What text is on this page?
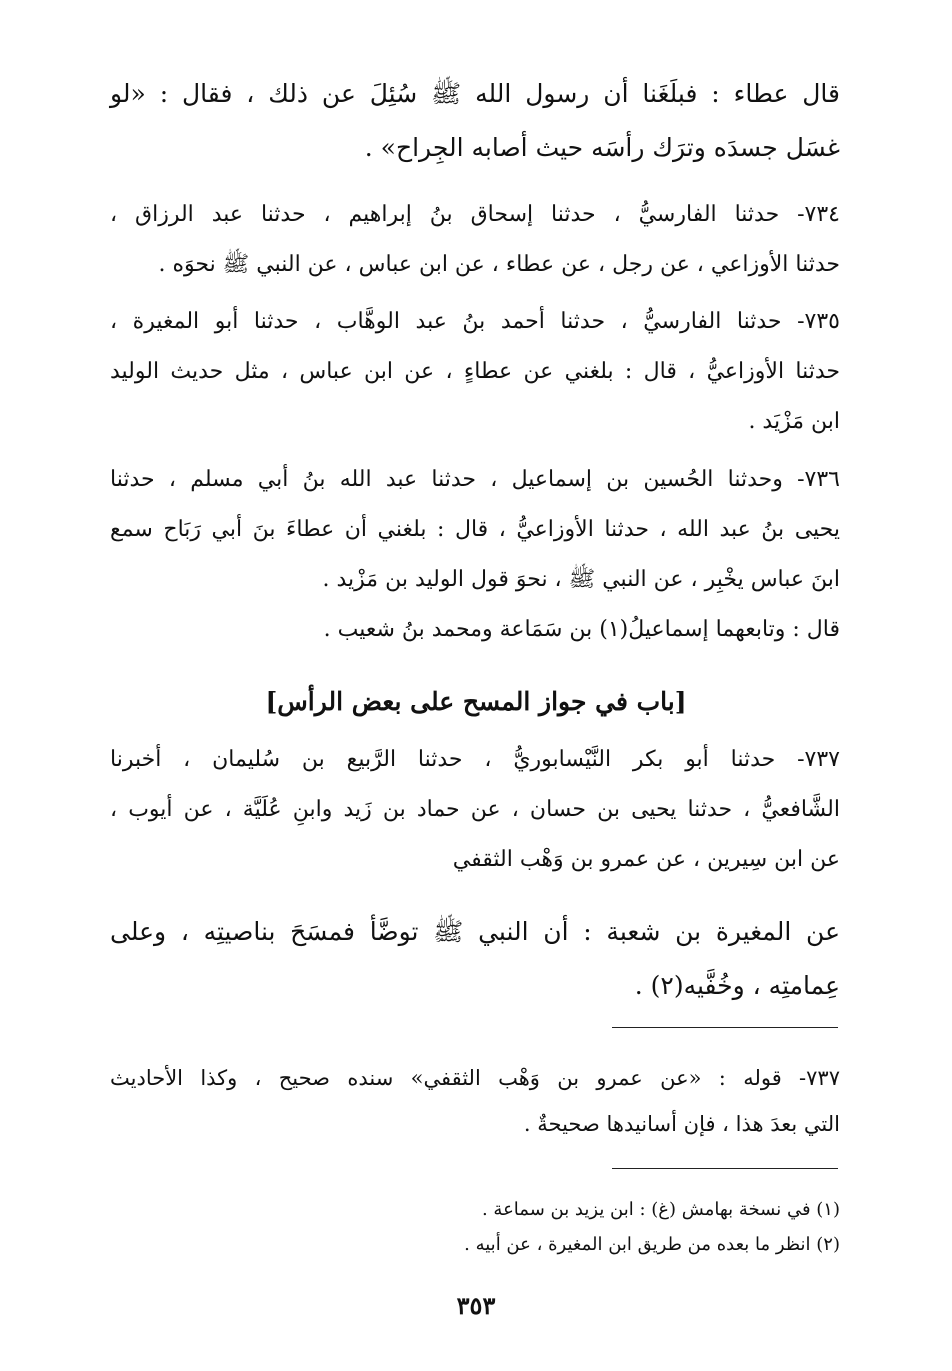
قال عطاء : فبلَغَنا أن رسول الله ﷺ سُئِلَ عن ذلك ، فقال : «لو
غسَل جسدَه وترَك رأسَه حيث أصابه الجِراح» .
٧٣٤- حدثنا الفارسيُّ ، حدثنا إسحاق بنُ إبراهيم ، حدثنا عبد الرزاق ،
حدثنا الأوزاعي ، عن رجل ، عن عطاء ، عن ابن عباس ، عن النبي ﷺ نحوَه .
٧٣٥- حدثنا الفارسيُّ ، حدثنا أحمد بنُ عبد الوهَّاب ، حدثنا أبو المغيرة ،
حدثنا الأوزاعيُّ ، قال : بلغني عن عطاءٍ ، عن ابن عباس ، مثل حديث الوليد
ابن مَزْيَد .
٧٣٦- وحدثنا الحُسين بن إسماعيل ، حدثنا عبد الله بنُ أبي مسلم ، حدثنا
يحيى بنُ عبد الله ، حدثنا الأوزاعيُّ ، قال : بلغني أن عطاءَ بنَ أبي رَبَاح سمع
ابنَ عباس يخْبِر ، عن النبي ﷺ ، نحوَ قول الوليد بن مَزْيد .
قال : وتابعهما إسماعيلُ(١) بن سَمَاعة ومحمد بنُ شعيب .
[باب في جواز المسح على بعض الرأس]
٧٣٧- حدثنا أبو بكر النَّيْسابوريُّ ، حدثنا الرَّبيع بن سُليمان ، أخبرنا
الشَّافعيُّ ، حدثنا يحيى بن حسان ، عن حماد بن زَيد وابنِ عُلَيَّة ، عن أيوب ،
عن ابن سِيرين ، عن عمرو بن وَهْب الثقفي
عن المغيرة بن شعبة : أن النبي ﷺ توضَّأ فمسَحَ بناصيتِه ، وعلى
عِمامتِه ، وخُفَّيه(٢) .
٧٣٧- قوله : «عن عمرو بن وَهْب الثقفي» سنده صحيح ، وكذا الأحاديث
التي بعدَ هذا ، فإن أسانيدها صحيحةٌ .
(١) في نسخة بهامش (غ) : ابن يزيد بن سماعة .
(٢) انظر ما بعده من طريق ابن المغيرة ، عن أبيه .
٣٥٣
